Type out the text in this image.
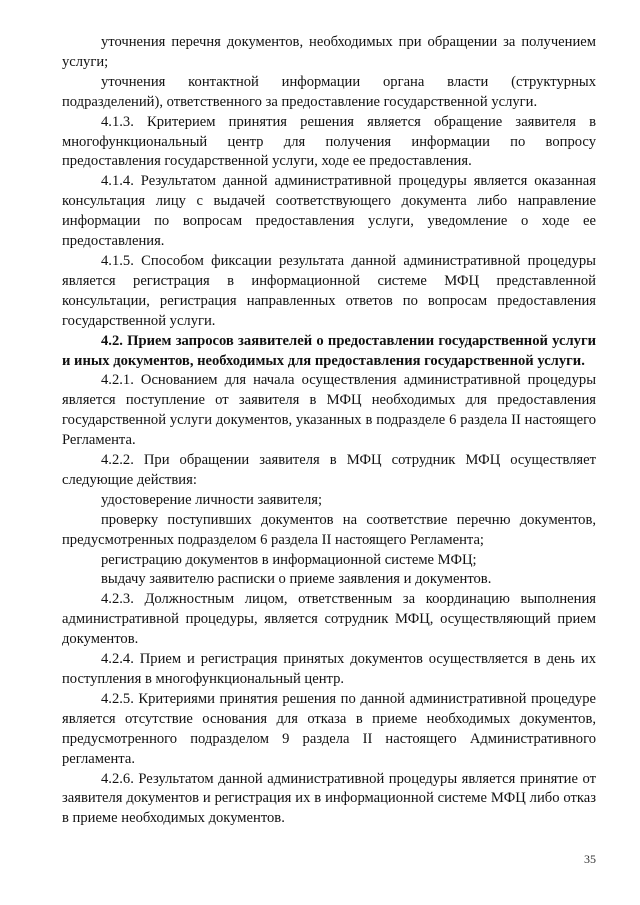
уточнения перечня документов, необходимых при обращении за получением услуги;

уточнения контактной информации органа власти (структурных подразделений), ответственного за предоставление государственной услуги.

4.1.3. Критерием принятия решения является обращение заявителя в многофункциональный центр для получения информации по вопросу предоставления государственной услуги, ходе ее предоставления.

4.1.4. Результатом данной административной процедуры является оказанная консультация лицу с выдачей соответствующего документа либо направление информации по вопросам предоставления услуги, уведомление о ходе ее предоставления.

4.1.5. Способом фиксации результата данной административной процедуры является регистрация в информационной системе МФЦ представленной консультации, регистрация направленных ответов по вопросам предоставления государственной услуги.

4.2. Прием запросов заявителей о предоставлении государственной услуги и иных документов, необходимых для предоставления государственной услуги.

4.2.1. Основанием для начала осуществления административной процедуры является поступление от заявителя в МФЦ необходимых для предоставления государственной услуги документов, указанных в подразделе 6 раздела II настоящего Регламента.

4.2.2. При обращении заявителя в МФЦ сотрудник МФЦ осуществляет следующие действия:

удостоверение личности заявителя;

проверку поступивших документов на соответствие перечню документов, предусмотренных подразделом 6 раздела II настоящего Регламента;

регистрацию документов в информационной системе МФЦ;

выдачу заявителю расписки о приеме заявления и документов.

4.2.3. Должностным лицом, ответственным за координацию выполнения административной процедуры, является сотрудник МФЦ, осуществляющий прием документов.

4.2.4. Прием и регистрация принятых документов осуществляется в день их поступления в многофункциональный центр.

4.2.5. Критериями принятия решения по данной административной процедуре является отсутствие основания для отказа в приеме необходимых документов, предусмотренного подразделом 9 раздела II настоящего Административного регламента.

4.2.6. Результатом данной административной процедуры является принятие от заявителя документов и регистрация их в информационной системе МФЦ либо отказ в приеме необходимых документов.

35
